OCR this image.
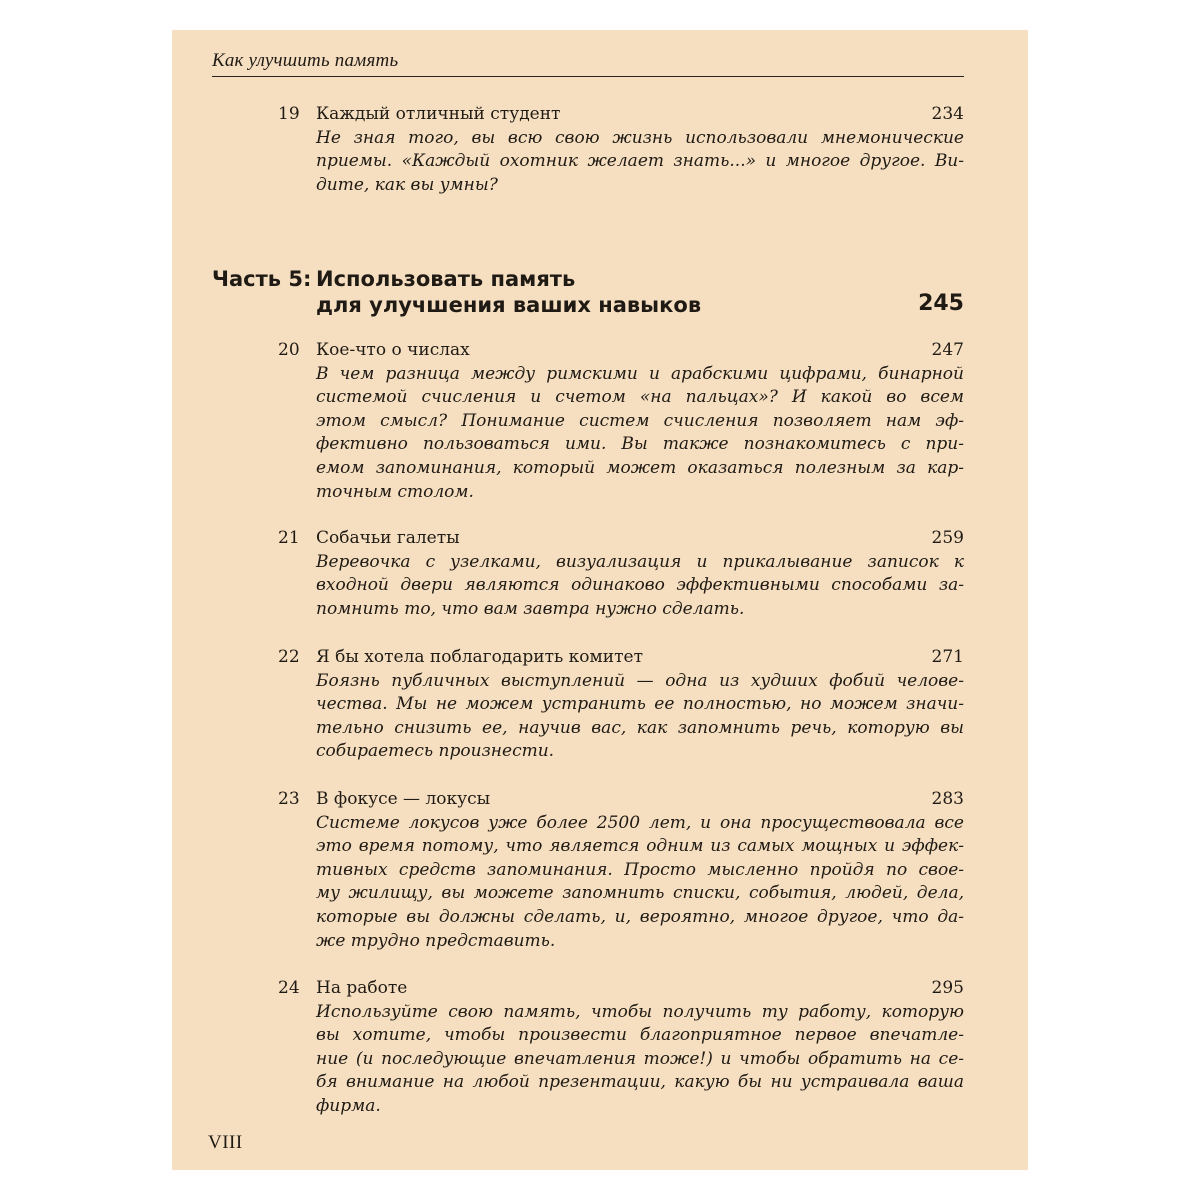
Как улучшить память
19 Каждый отличный студент	234
Не зная того, вы всю свою жизнь использовали мнемонические
приемы. «Каждый охотник желает знать...» и многое другое. Ви-
дите, как вы умны?
Часть 5: Использовать память
для улучшения ваших навыков	245
20 Кое-что о числах	247
В чем разница между римскими и арабскими цифрами, бинарной
системой счисления и счетом «на пальцах»? И какой во всем
этом смысл? Понимание систем счисления позволяет нам эф-
фективно пользоваться ими. Вы также познакомитесь с при-
емом запоминания, который может оказаться полезным за кар-
точным столом.
21 Собачьи галеты	259
Веревочка с узелками, визуализация и прикалывание записок к
входной двери являются одинаково эффективными способами за-
помнить то, что вам завтра нужно сделать.
22 Я бы хотела поблагодарить комитет	271
Боязнь публичных выступлений — одна из худших фобий челове-
чества. Мы не можем устранить ее полностью, но можем значи-
тельно снизить ее, научив вас, как запомнить речь, которую вы
собираетесь произнести.
23 В фокусе — локусы	283
Системе локусов уже более 2500 лет, и она просуществовала все
это время потому, что является одним из самых мощных и эффек-
тивных средств запоминания. Просто мысленно пройдя по свое-
му жилищу, вы можете запомнить списки, события, людей, дела,
которые вы должны сделать, и, вероятно, многое другое, что да-
же трудно представить.
24 На работе	295
Используйте свою память, чтобы получить ту работу, которую
вы хотите, чтобы произвести благоприятное первое впечатле-
ние (и последующие впечатления тоже!) и чтобы обратить на се-
бя внимание на любой презентации, какую бы ни устраивала ваша
фирма.
VIII
